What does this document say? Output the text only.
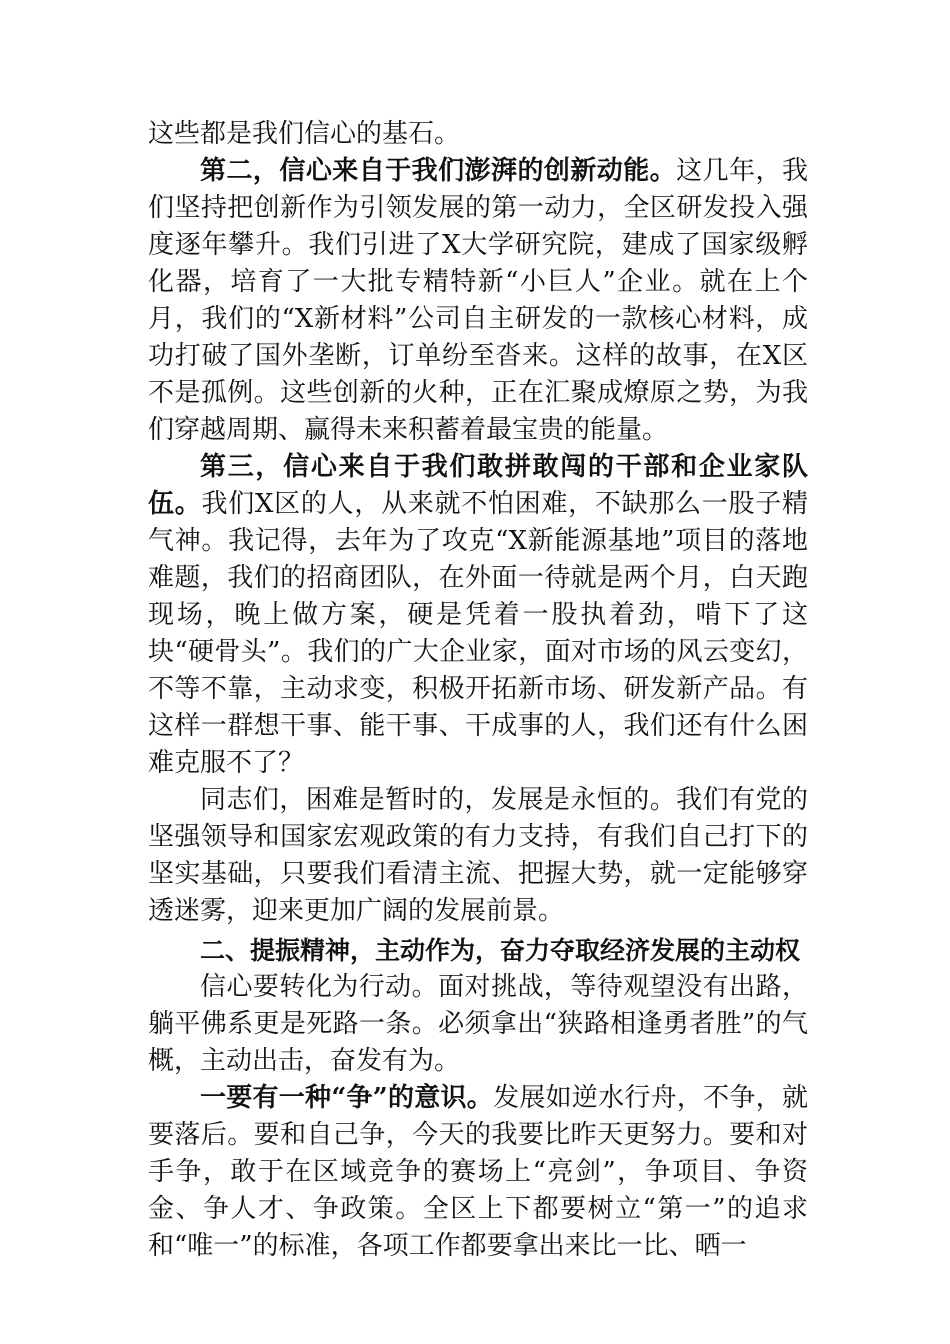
这些都是我们信心的基石。

第二，信心来自于我们澎湃的创新动能。这几年，我们坚持把创新作为引领发展的第一动力，全区研发投入强度逐年攀升。我们引进了X大学研究院，建成了国家级孵化器，培育了一大批专精特新“小巨人”企业。就在上个月，我们的“X新材料”公司自主研发的一款核心材料，成功打破了国外垄断，订单纷至沓来。这样的故事，在X区不是孤例。这些创新的火种，正在汇聚成燎原之势，为我们穿越周期、赢得未来积蓄着最宝贵的能量。

第三，信心来自于我们敢拼敢闯的干部和企业家队伍。我们X区的人，从来就不怕困难，不缺那么一股子精气神。我记得，去年为了攻克“X新能源基地”项目的落地难题，我们的招商团队，在外面一待就是两个月，白天跑现场，晚上做方案，硬是凭着一股执着劲，啃下了这块“硬骨头”。我们的广大企业家，面对市场的风云变幻，不等不靠，主动求变，积极开拓新市场、研发新产品。有这样一群想干事、能干事、干成事的人，我们还有什么困难克服不了？

同志们，困难是暂时的，发展是永恒的。我们有党的坚强领导和国家宏观政策的有力支持，有我们自己打下的坚实基础，只要我们看清主流、把握大势，就一定能够穿透迷雾，迎来更加广阔的发展前景。

二、提振精神，主动作为，奋力夺取经济发展的主动权

信心要转化为行动。面对挑战，等待观望没有出路，躺平佛系更是死路一条。必须拿出“狭路相逢勇者胜”的气概，主动出击，奋发有为。

一要有一种“争”的意识。发展如逆水行舟，不争，就要落后。要和自己争，今天的我要比昨天更努力。要和对手争，敢于在区域竞争的赛场上“亮剑”，争项目、争资金、争人才、争政策。全区上下都要树立“第一”的追求和“唯一”的标准，各项工作都要拿出来比一比、晒一
